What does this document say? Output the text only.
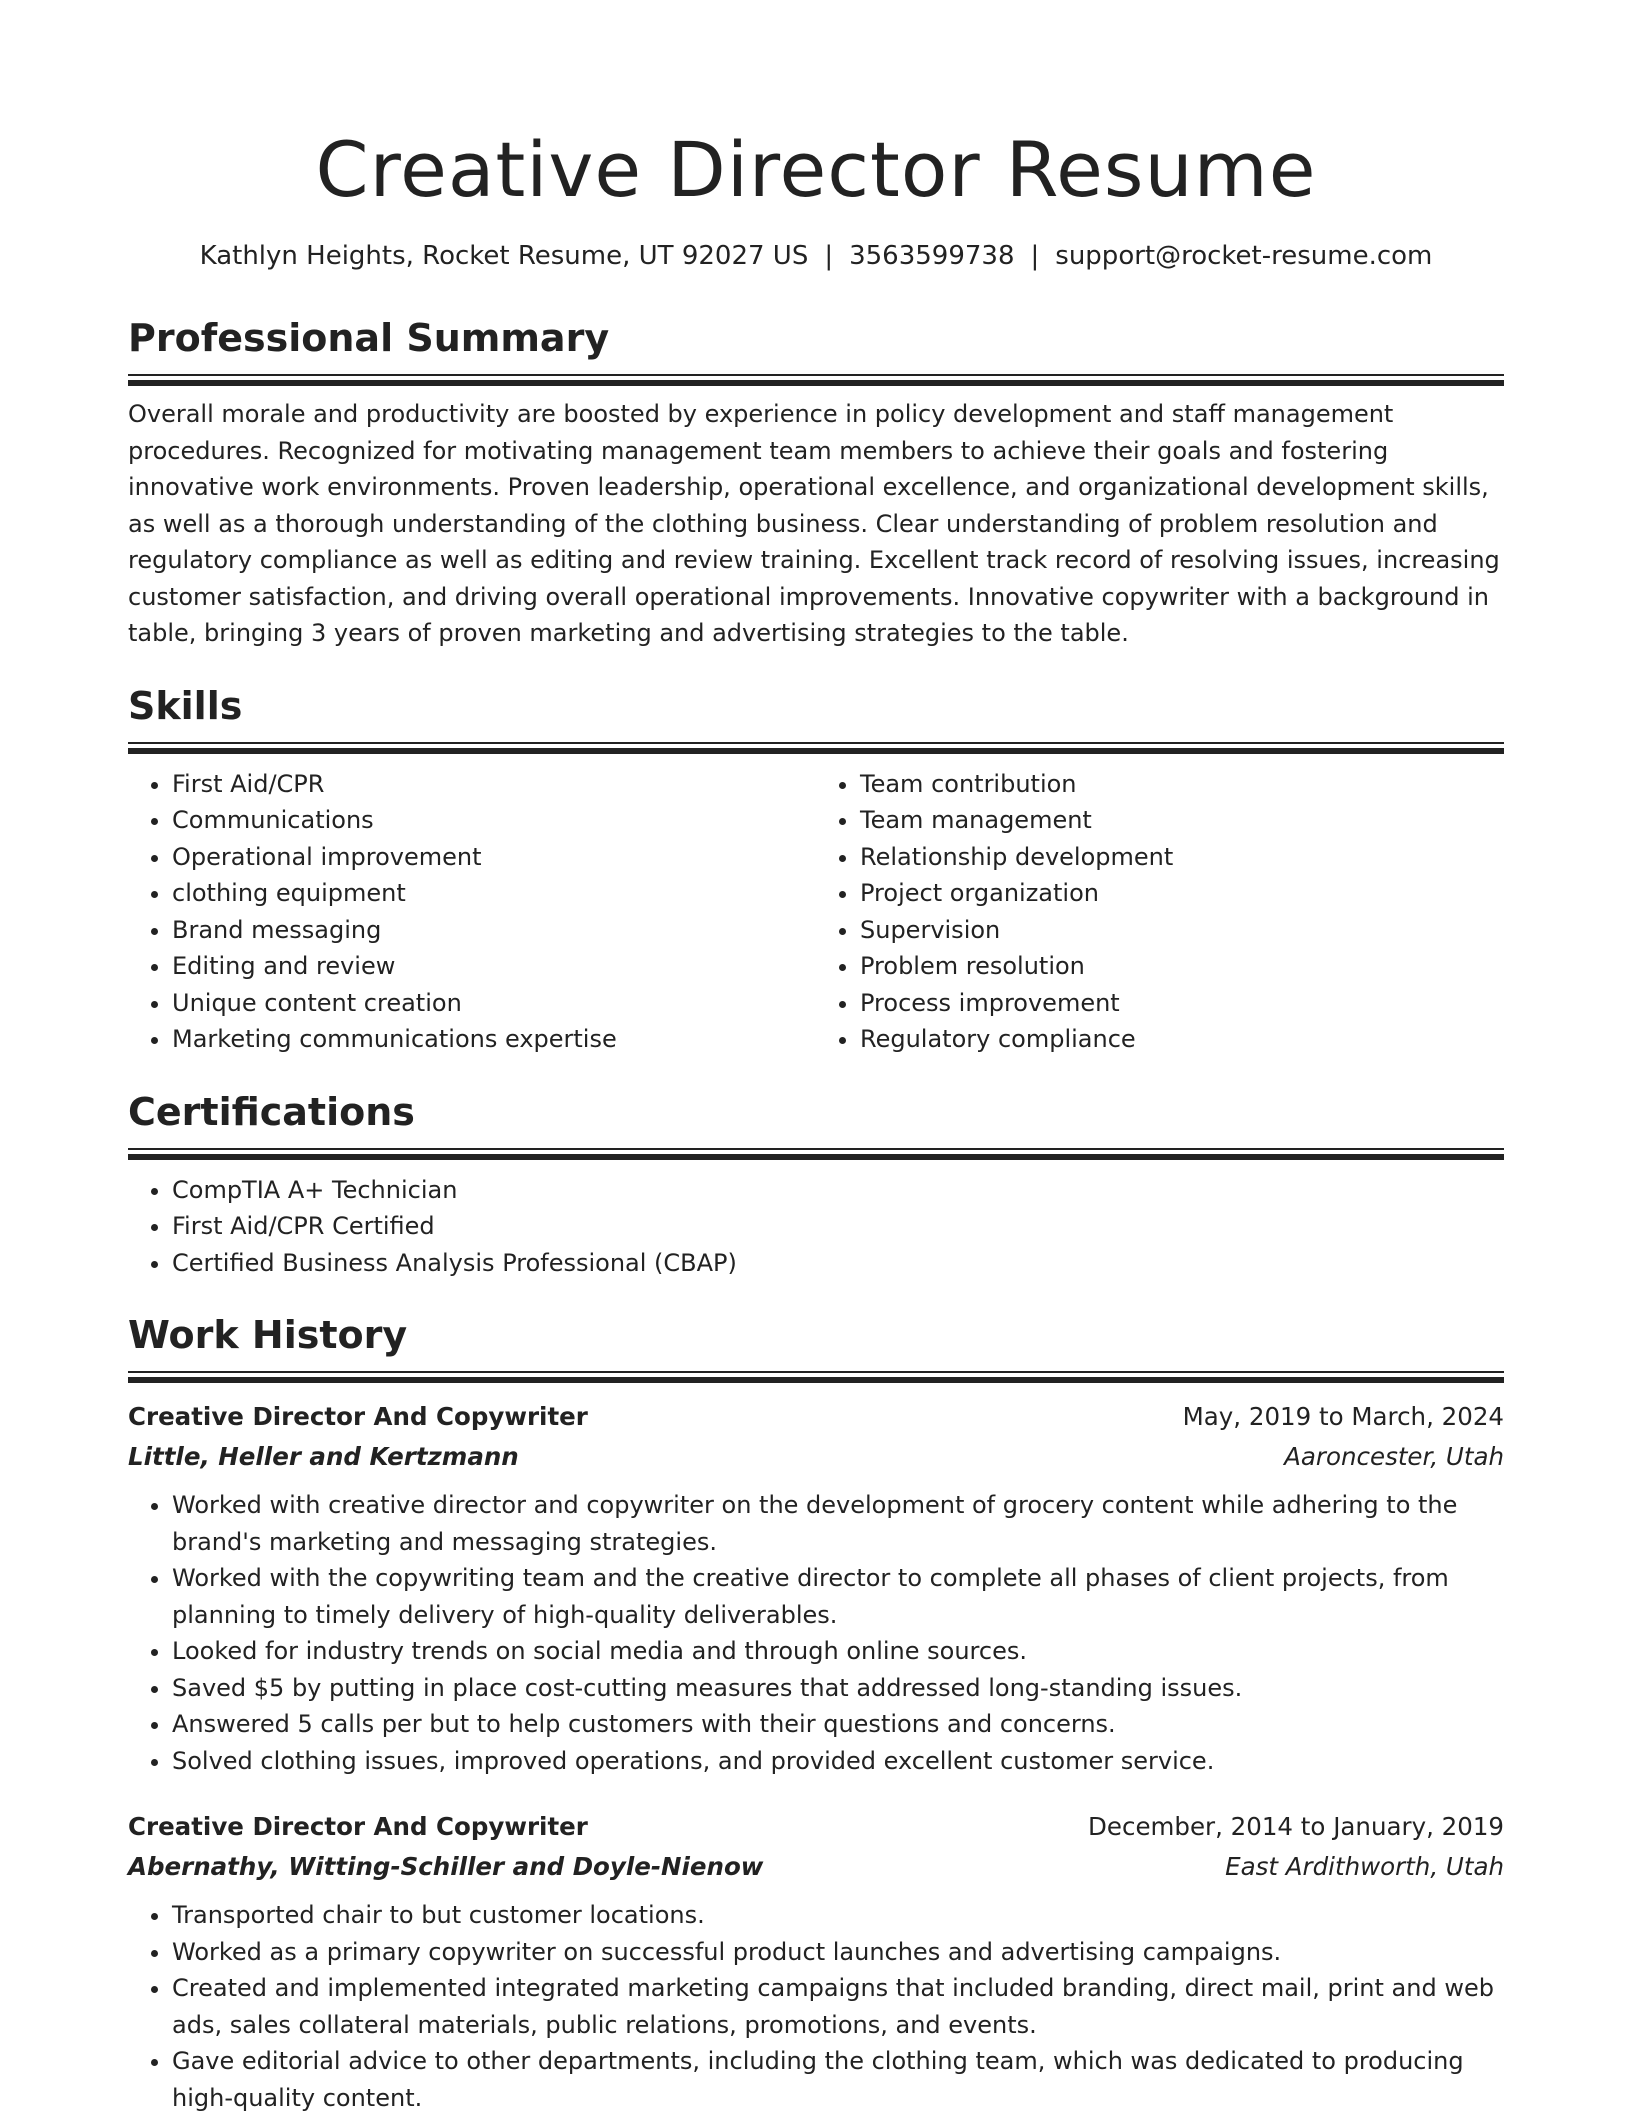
Creative Director Resume
Kathlyn Heights, Rocket Resume, UT 92027 US | 3563599738 | support@rocket-resume.com
Professional Summary
Overall morale and productivity are boosted by experience in policy development and staff management procedures. Recognized for motivating management team members to achieve their goals and fostering innovative work environments. Proven leadership, operational excellence, and organizational development skills, as well as a thorough understanding of the clothing business. Clear understanding of problem resolution and regulatory compliance as well as editing and review training. Excellent track record of resolving issues, increasing customer satisfaction, and driving overall operational improvements. Innovative copywriter with a background in table, bringing 3 years of proven marketing and advertising strategies to the table.
Skills
• First Aid/CPR
• Communications
• Operational improvement
• clothing equipment
• Brand messaging
• Editing and review
• Unique content creation
• Marketing communications expertise
• Team contribution
• Team management
• Relationship development
• Project organization
• Supervision
• Problem resolution
• Process improvement
• Regulatory compliance
Certifications
• CompTIA A+ Technician
• First Aid/CPR Certified
• Certified Business Analysis Professional (CBAP)
Work History
Creative Director And Copywriter	May, 2019 to March, 2024
Little, Heller and Kertzmann	Aaroncester, Utah
• Worked with creative director and copywriter on the development of grocery content while adhering to the brand's marketing and messaging strategies.
• Worked with the copywriting team and the creative director to complete all phases of client projects, from planning to timely delivery of high-quality deliverables.
• Looked for industry trends on social media and through online sources.
• Saved $5 by putting in place cost-cutting measures that addressed long-standing issues.
• Answered 5 calls per but to help customers with their questions and concerns.
• Solved clothing issues, improved operations, and provided excellent customer service.
Creative Director And Copywriter	December, 2014 to January, 2019
Abernathy, Witting-Schiller and Doyle-Nienow	East Ardithworth, Utah
• Transported chair to but customer locations.
• Worked as a primary copywriter on successful product launches and advertising campaigns.
• Created and implemented integrated marketing campaigns that included branding, direct mail, print and web ads, sales collateral materials, public relations, promotions, and events.
• Gave editorial advice to other departments, including the clothing team, which was dedicated to producing high-quality content.
